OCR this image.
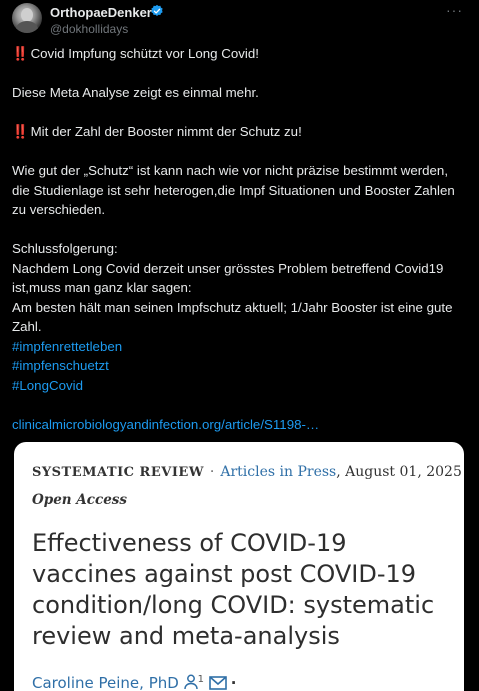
OrthopaeDenker
@dokhollidays
···

‼️ Covid Impfung schützt vor Long Covid!

Diese Meta Analyse zeigt es einmal mehr.

‼️ Mit der Zahl der Booster nimmt der Schutz zu!

Wie gut der „Schutz“ ist kann nach wie vor nicht präzise bestimmt werden, die Studienlage ist sehr heterogen,die Impf Situationen und Booster Zahlen zu verschieden.

Schlussfolgerung:
Nachdem Long Covid derzeit unser grösstes Problem betreffend Covid19 ist,muss man ganz klar sagen:
Am besten hält man seinen Impfschutz aktuell; 1/Jahr Booster ist eine gute Zahl.

#impfenrettetleben
#impfenschuetzt
#LongCovid
clinicalmicrobiologyandinfection.org/article/S1198-…
SYSTEMATIC REVIEW · Articles in Press, August 01, 2025
Open Access
Effectiveness of COVID-19 vaccines against post COVID-19 condition/long COVID: systematic review and meta-analysis
Caroline Peine, PhD $^1$ ·
